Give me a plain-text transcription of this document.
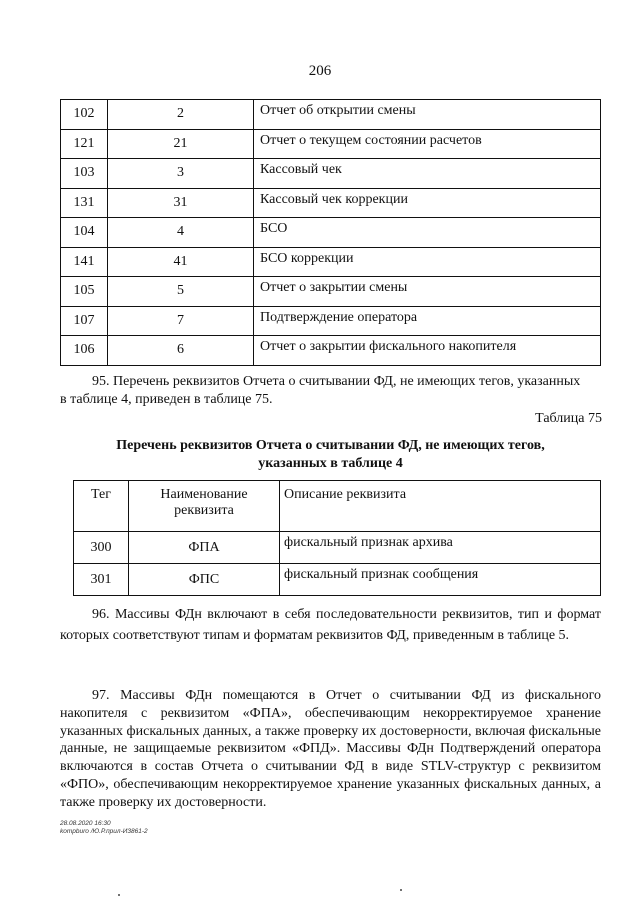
206
102	2	Отчет об открытии смены
121	21	Отчет о текущем состоянии расчетов
103	3	Кассовый чек
131	31	Кассовый чек коррекции
104	4	БСО
141	41	БСО коррекции
105	5	Отчет о закрытии смены
107	7	Подтверждение оператора
106	6	Отчет о закрытии фискального накопителя
95. Перечень реквизитов Отчета о считывании ФД, не имеющих тегов, указанных
в таблице 4, приведен в таблице 75.
Таблица 75
Перечень реквизитов Отчета о считывании ФД, не имеющих тегов,
указанных в таблице 4
Тег	Наименование реквизита	Описание реквизита
300	ФПА	фискальный признак архива
301	ФПС	фискальный признак сообщения
96. Массивы ФДн включают в себя последовательности реквизитов, тип и формат которых соответствуют типам и форматам реквизитов ФД, приведенным в таблице 5.
97. Массивы ФДн помещаются в Отчет о считывании ФД из фискального накопителя с реквизитом «ФПА», обеспечивающим некорректируемое хранение указанных фискальных данных, а также проверку их достоверности, включая фискальные данные, не защищаемые реквизитом «ФПД». Массивы ФДн Подтверждений оператора включаются в состав Отчета о считывании ФД в виде STLV-структур с реквизитом «ФПО», обеспечивающим некорректируемое хранение указанных фискальных данных, а также проверку их достоверности.
28.08.2020 16:30
kompburo /Ю.Р.прил-И3861-2
